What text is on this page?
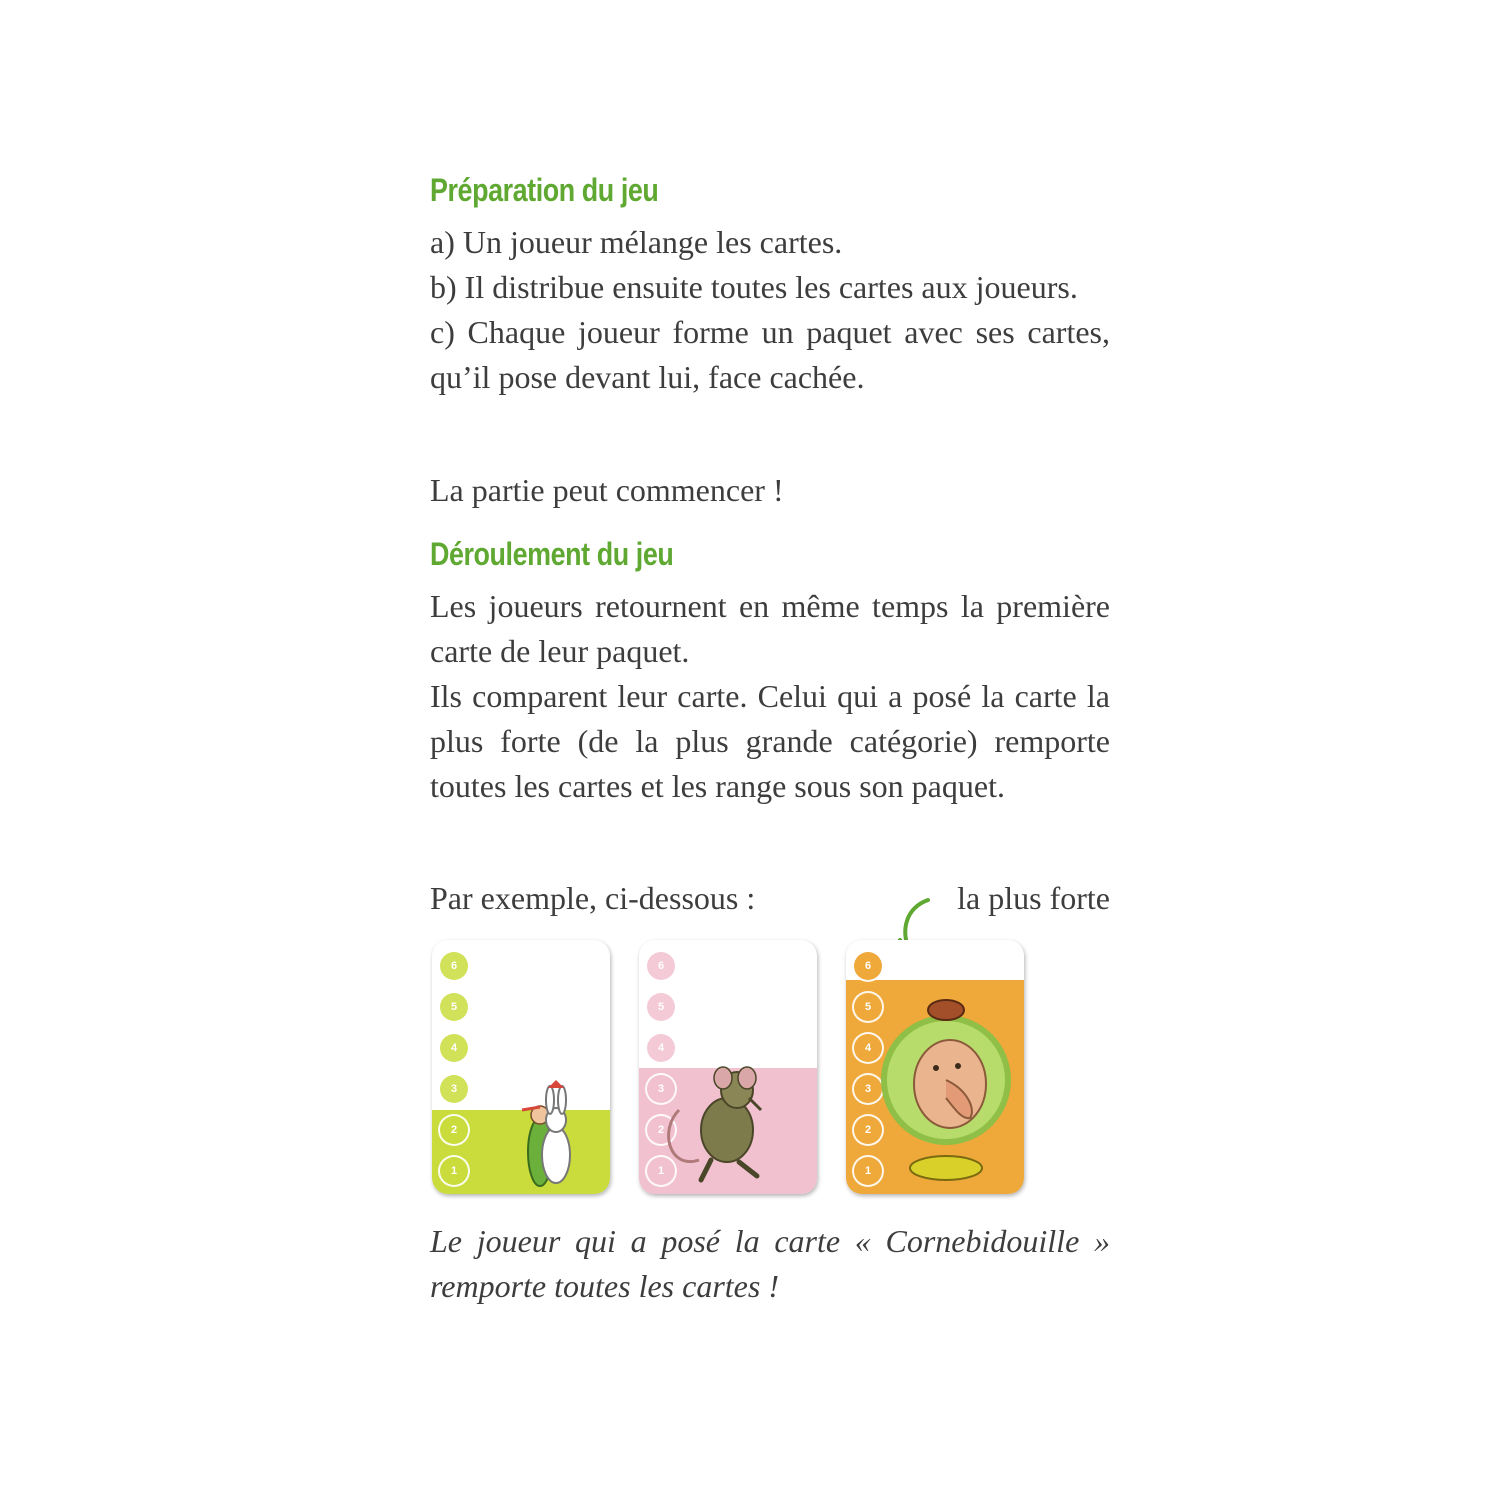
Préparation du jeu

a) Un joueur mélange les cartes.
b) Il distribue ensuite toutes les cartes aux joueurs.
c) Chaque joueur forme un paquet avec ses cartes, qu’il pose devant lui, face cachée.

La partie peut commencer !

Déroulement du jeu

Les joueurs retournent en même temps la première carte de leur paquet.
Ils comparent leur carte. Celui qui a posé la carte la plus forte (de la plus grande catégorie) remporte toutes les cartes et les range sous son paquet.

Par exemple, ci-dessous :	la plus forte
6
5
4
3
2
1
6
5
4
3
2
1
6
5
4
3
2
1

Le joueur qui a posé la carte « Cornebidouille » remporte toutes les cartes !
